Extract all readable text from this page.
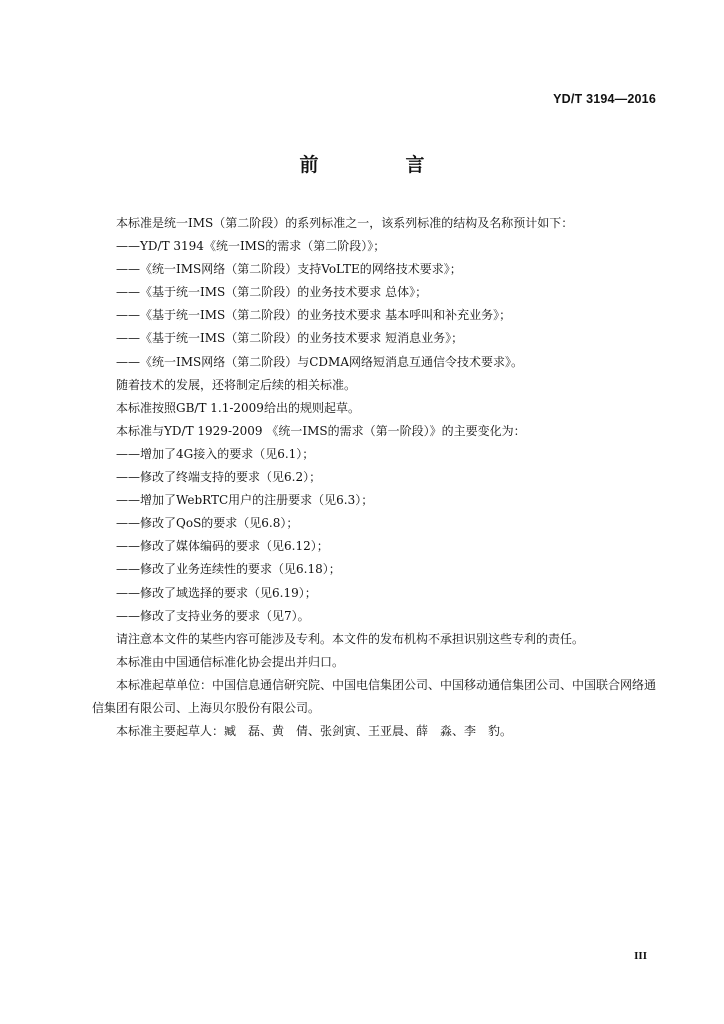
YD/T 3194—2016
前　言
本标准是统一IMS（第二阶段）的系列标准之一，该系列标准的结构及名称预计如下：
——YD/T 3194《统一IMS的需求（第二阶段）》；
——《统一IMS网络（第二阶段）支持VoLTE的网络技术要求》；
——《基于统一IMS（第二阶段）的业务技术要求 总体》；
——《基于统一IMS（第二阶段）的业务技术要求 基本呼叫和补充业务》；
——《基于统一IMS（第二阶段）的业务技术要求 短消息业务》；
——《统一IMS网络（第二阶段）与CDMA网络短消息互通信令技术要求》。
随着技术的发展，还将制定后续的相关标准。
本标准按照GB/T 1.1-2009给出的规则起草。
本标准与YD/T 1929-2009 《统一IMS的需求（第一阶段）》的主要变化为：
——增加了4G接入的要求（见6.1）；
——修改了终端支持的要求（见6.2）；
——增加了WebRTC用户的注册要求（见6.3）；
——修改了QoS的要求（见6.8）；
——修改了媒体编码的要求（见6.12）；
——修改了业务连续性的要求（见6.18）；
——修改了域选择的要求（见6.19）；
——修改了支持业务的要求（见7）。
请注意本文件的某些内容可能涉及专利。本文件的发布机构不承担识别这些专利的责任。
本标准由中国通信标准化协会提出并归口。
本标准起草单位：中国信息通信研究院、中国电信集团公司、中国移动通信集团公司、中国联合网络通信集团有限公司、上海贝尔股份有限公司。
本标准主要起草人：臧　磊、黄　倩、张剑寅、王亚晨、薛　淼、李　豹。
III
